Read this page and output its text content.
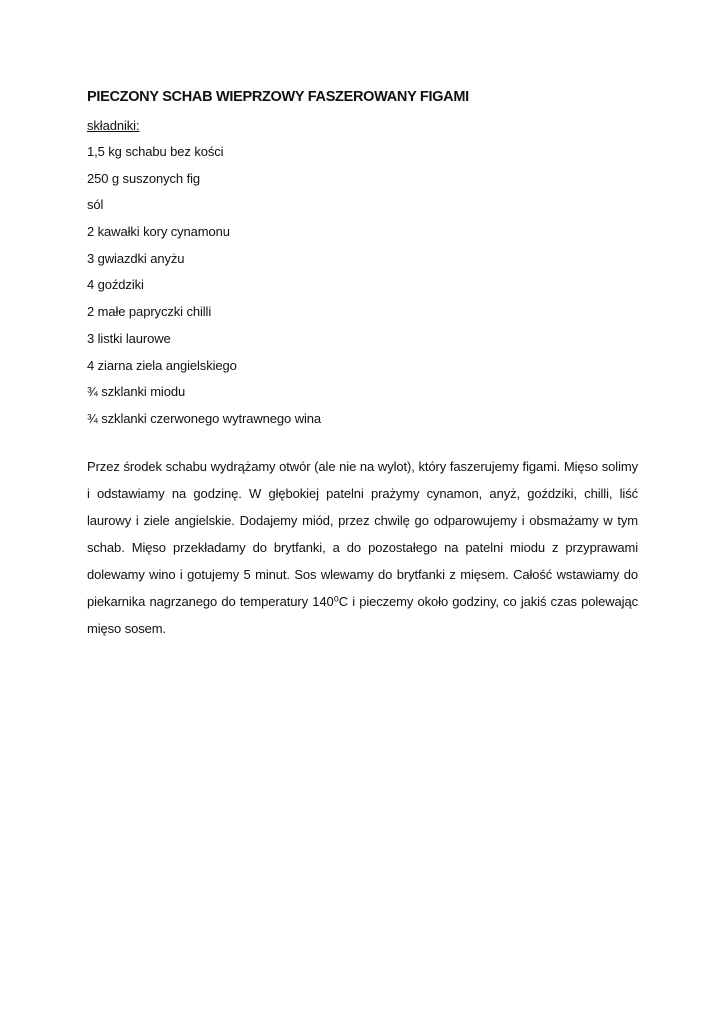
PIECZONY SCHAB WIEPRZOWY FASZEROWANY FIGAMI
składniki:
1,5 kg schabu bez kości
250 g suszonych fig
sól
2 kawałki kory cynamonu
3 gwiazdki anyżu
4 goździki
2 małe papryczki chilli
3 listki laurowe
4 ziarna ziela angielskiego
¾ szklanki miodu
¾ szklanki czerwonego wytrawnego wina

Przez środek schabu wydrążamy otwór (ale nie na wylot), który faszerujemy figami. Mięso solimy i odstawiamy na godzinę. W głębokiej patelni prażymy cynamon, anyż, goździki, chilli, liść laurowy i ziele angielskie. Dodajemy miód, przez chwilę go odparowujemy i obsmażamy w tym schab. Mięso przekładamy do brytfanki, a do pozostałego na patelni miodu z przyprawami dolewamy wino i gotujemy 5 minut. Sos wlewamy do brytfanki z mięsem. Całość wstawiamy do piekarnika nagrzanego do temperatury 140⁰C i pieczemy około godziny, co jakiś czas polewając mięso sosem.
